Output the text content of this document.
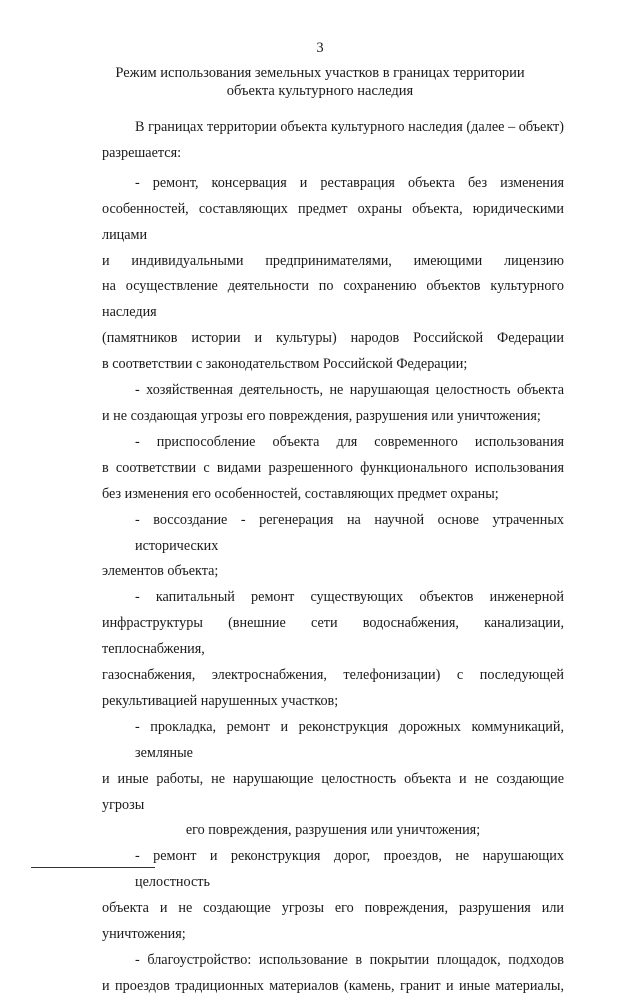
3
Режим использования земельных участков в границах территории
объекта культурного наследия
В границах территории объекта культурного наследия (далее – объект)
разрешается:
- ремонт, консервация и реставрация объекта без изменения
особенностей, составляющих предмет охраны объекта, юридическими лицами
и индивидуальными предпринимателями, имеющими лицензию
на осуществление деятельности по сохранению объектов культурного наследия
(памятников истории и культуры) народов Российской Федерации
в соответствии с законодательством Российской Федерации;
- хозяйственная деятельность, не нарушающая целостность объекта
и не создающая угрозы его повреждения, разрушения или уничтожения;
- приспособление объекта для современного использования
в соответствии с видами разрешенного функционального использования
без изменения его особенностей, составляющих предмет охраны;
- воссоздание - регенерация на научной основе утраченных исторических
элементов объекта;
- капитальный ремонт существующих объектов инженерной
инфраструктуры (внешние сети водоснабжения, канализации, теплоснабжения,
газоснабжения, электроснабжения, телефонизации) с последующей
рекультивацией нарушенных участков;
- прокладка, ремонт и реконструкция дорожных коммуникаций, земляные
и иные работы, не нарушающие целостность объекта и не создающие угрозы
его повреждения, разрушения или уничтожения;
- ремонт и реконструкция дорог, проездов, не нарушающих целостность
объекта и не создающие угрозы его повреждения, разрушения или
уничтожения;
- благоустройство: использование в покрытии площадок, подходов
и проездов традиционных материалов (камень, гранит и иные материалы,
